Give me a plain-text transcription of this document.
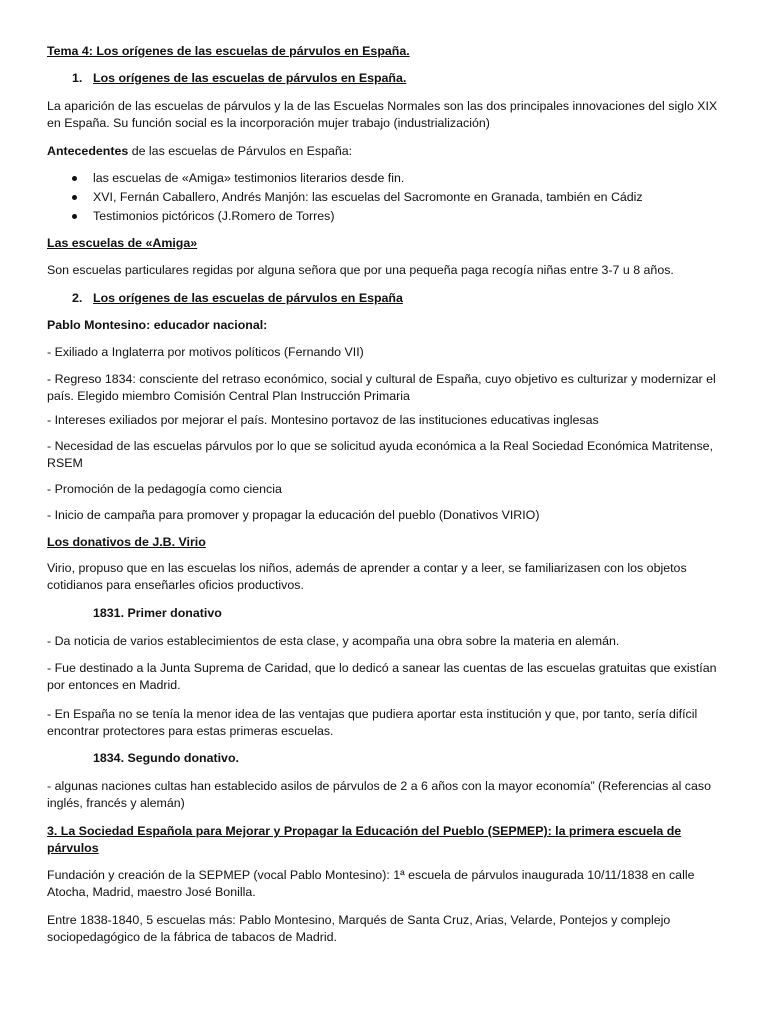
Tema 4: Los orígenes de las escuelas de párvulos en España.

1. Los orígenes de las escuelas de párvulos en España.

La aparición de las escuelas de párvulos y la de las Escuelas Normales son las dos principales innovaciones del siglo XIX en España. Su función social es la incorporación mujer trabajo (industrialización)

Antecedentes de las escuelas de Párvulos en España:

las escuelas de «Amiga» testimonios literarios desde fin.
XVI, Fernán Caballero, Andrés Manjón: las escuelas del Sacromonte en Granada, también en Cádiz
Testimonios pictóricos (J.Romero de Torres)

Las escuelas de «Amiga»

Son escuelas particulares regidas por alguna señora que por una pequeña paga recogía niñas entre 3-7 u 8 años.

2. Los orígenes de las escuelas de párvulos en España

Pablo Montesino: educador nacional:

- Exiliado a Inglaterra por motivos políticos (Fernando VII)

- Regreso 1834: consciente del retraso económico, social y cultural de España, cuyo objetivo es culturizar y modernizar el país. Elegido miembro Comisión Central Plan Instrucción Primaria

- Intereses exiliados por mejorar el país. Montesino portavoz de las instituciones educativas inglesas

- Necesidad de las escuelas párvulos por lo que se solicitud ayuda económica a la Real Sociedad Económica Matritense, RSEM

- Promoción de la pedagogía como ciencia

- Inicio de campaña para promover y propagar la educación del pueblo (Donativos VIRIO)

Los donativos de J.B. Virio

Virio, propuso que en las escuelas los niños, además de aprender a contar y a leer, se familiarizasen con los objetos cotidianos para enseñarles oficios productivos.

1831. Primer donativo

- Da noticia de varios establecimientos de esta clase, y acompaña una obra sobre la materia en alemán.

- Fue destinado a la Junta Suprema de Caridad, que lo dedicó a sanear las cuentas de las escuelas gratuitas que existían por entonces en Madrid.

- En España no se tenía la menor idea de las ventajas que pudiera aportar esta institución y que, por tanto, sería difícil encontrar protectores para estas primeras escuelas.

1834. Segundo donativo.

- algunas naciones cultas han establecido asilos de párvulos de 2 a 6 años con la mayor economía” (Referencias al caso inglés, francés y alemán)

3. La Sociedad Española para Mejorar y Propagar la Educación del Pueblo (SEPMEP): la primera escuela de párvulos

Fundación y creación de la SEPMEP (vocal Pablo Montesino): 1ª escuela de párvulos inaugurada 10/11/1838 en calle Atocha, Madrid, maestro José Bonilla.

Entre 1838-1840, 5 escuelas más: Pablo Montesino, Marqués de Santa Cruz, Arias, Velarde, Pontejos y complejo sociopedagógico de la fábrica de tabacos de Madrid.
